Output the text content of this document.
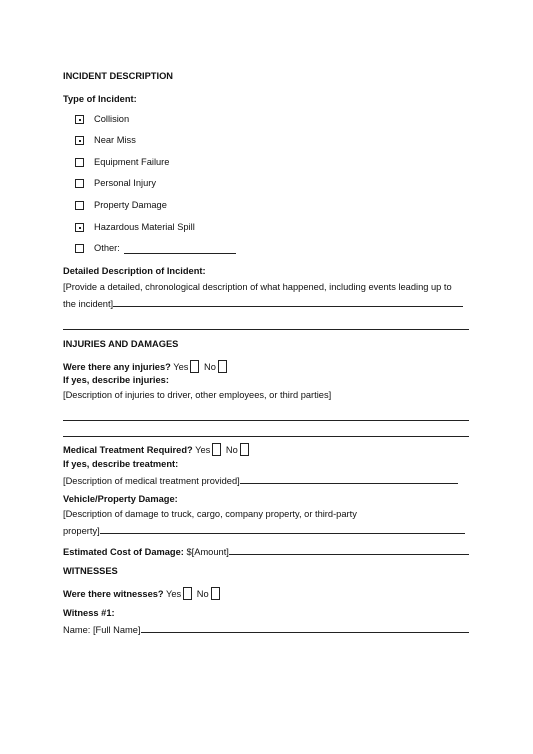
INCIDENT DESCRIPTION
Type of Incident:
Collision
Near Miss
Equipment Failure
Personal Injury
Property Damage
Hazardous Material Spill
Other:
Detailed Description of Incident:
[Provide a detailed, chronological description of what happened, including events leading up to
the incident]
INJURIES AND DAMAGES
Were there any injuries? Yes No
If yes, describe injuries:
[Description of injuries to driver, other employees, or third parties]
Medical Treatment Required? Yes No
If yes, describe treatment:
[Description of medical treatment provided]
Vehicle/Property Damage:
[Description of damage to truck, cargo, company property, or third-party
property]
Estimated Cost of Damage: $[Amount]
WITNESSES
Were there witnesses? Yes No
Witness #1:
Name: [Full Name]
